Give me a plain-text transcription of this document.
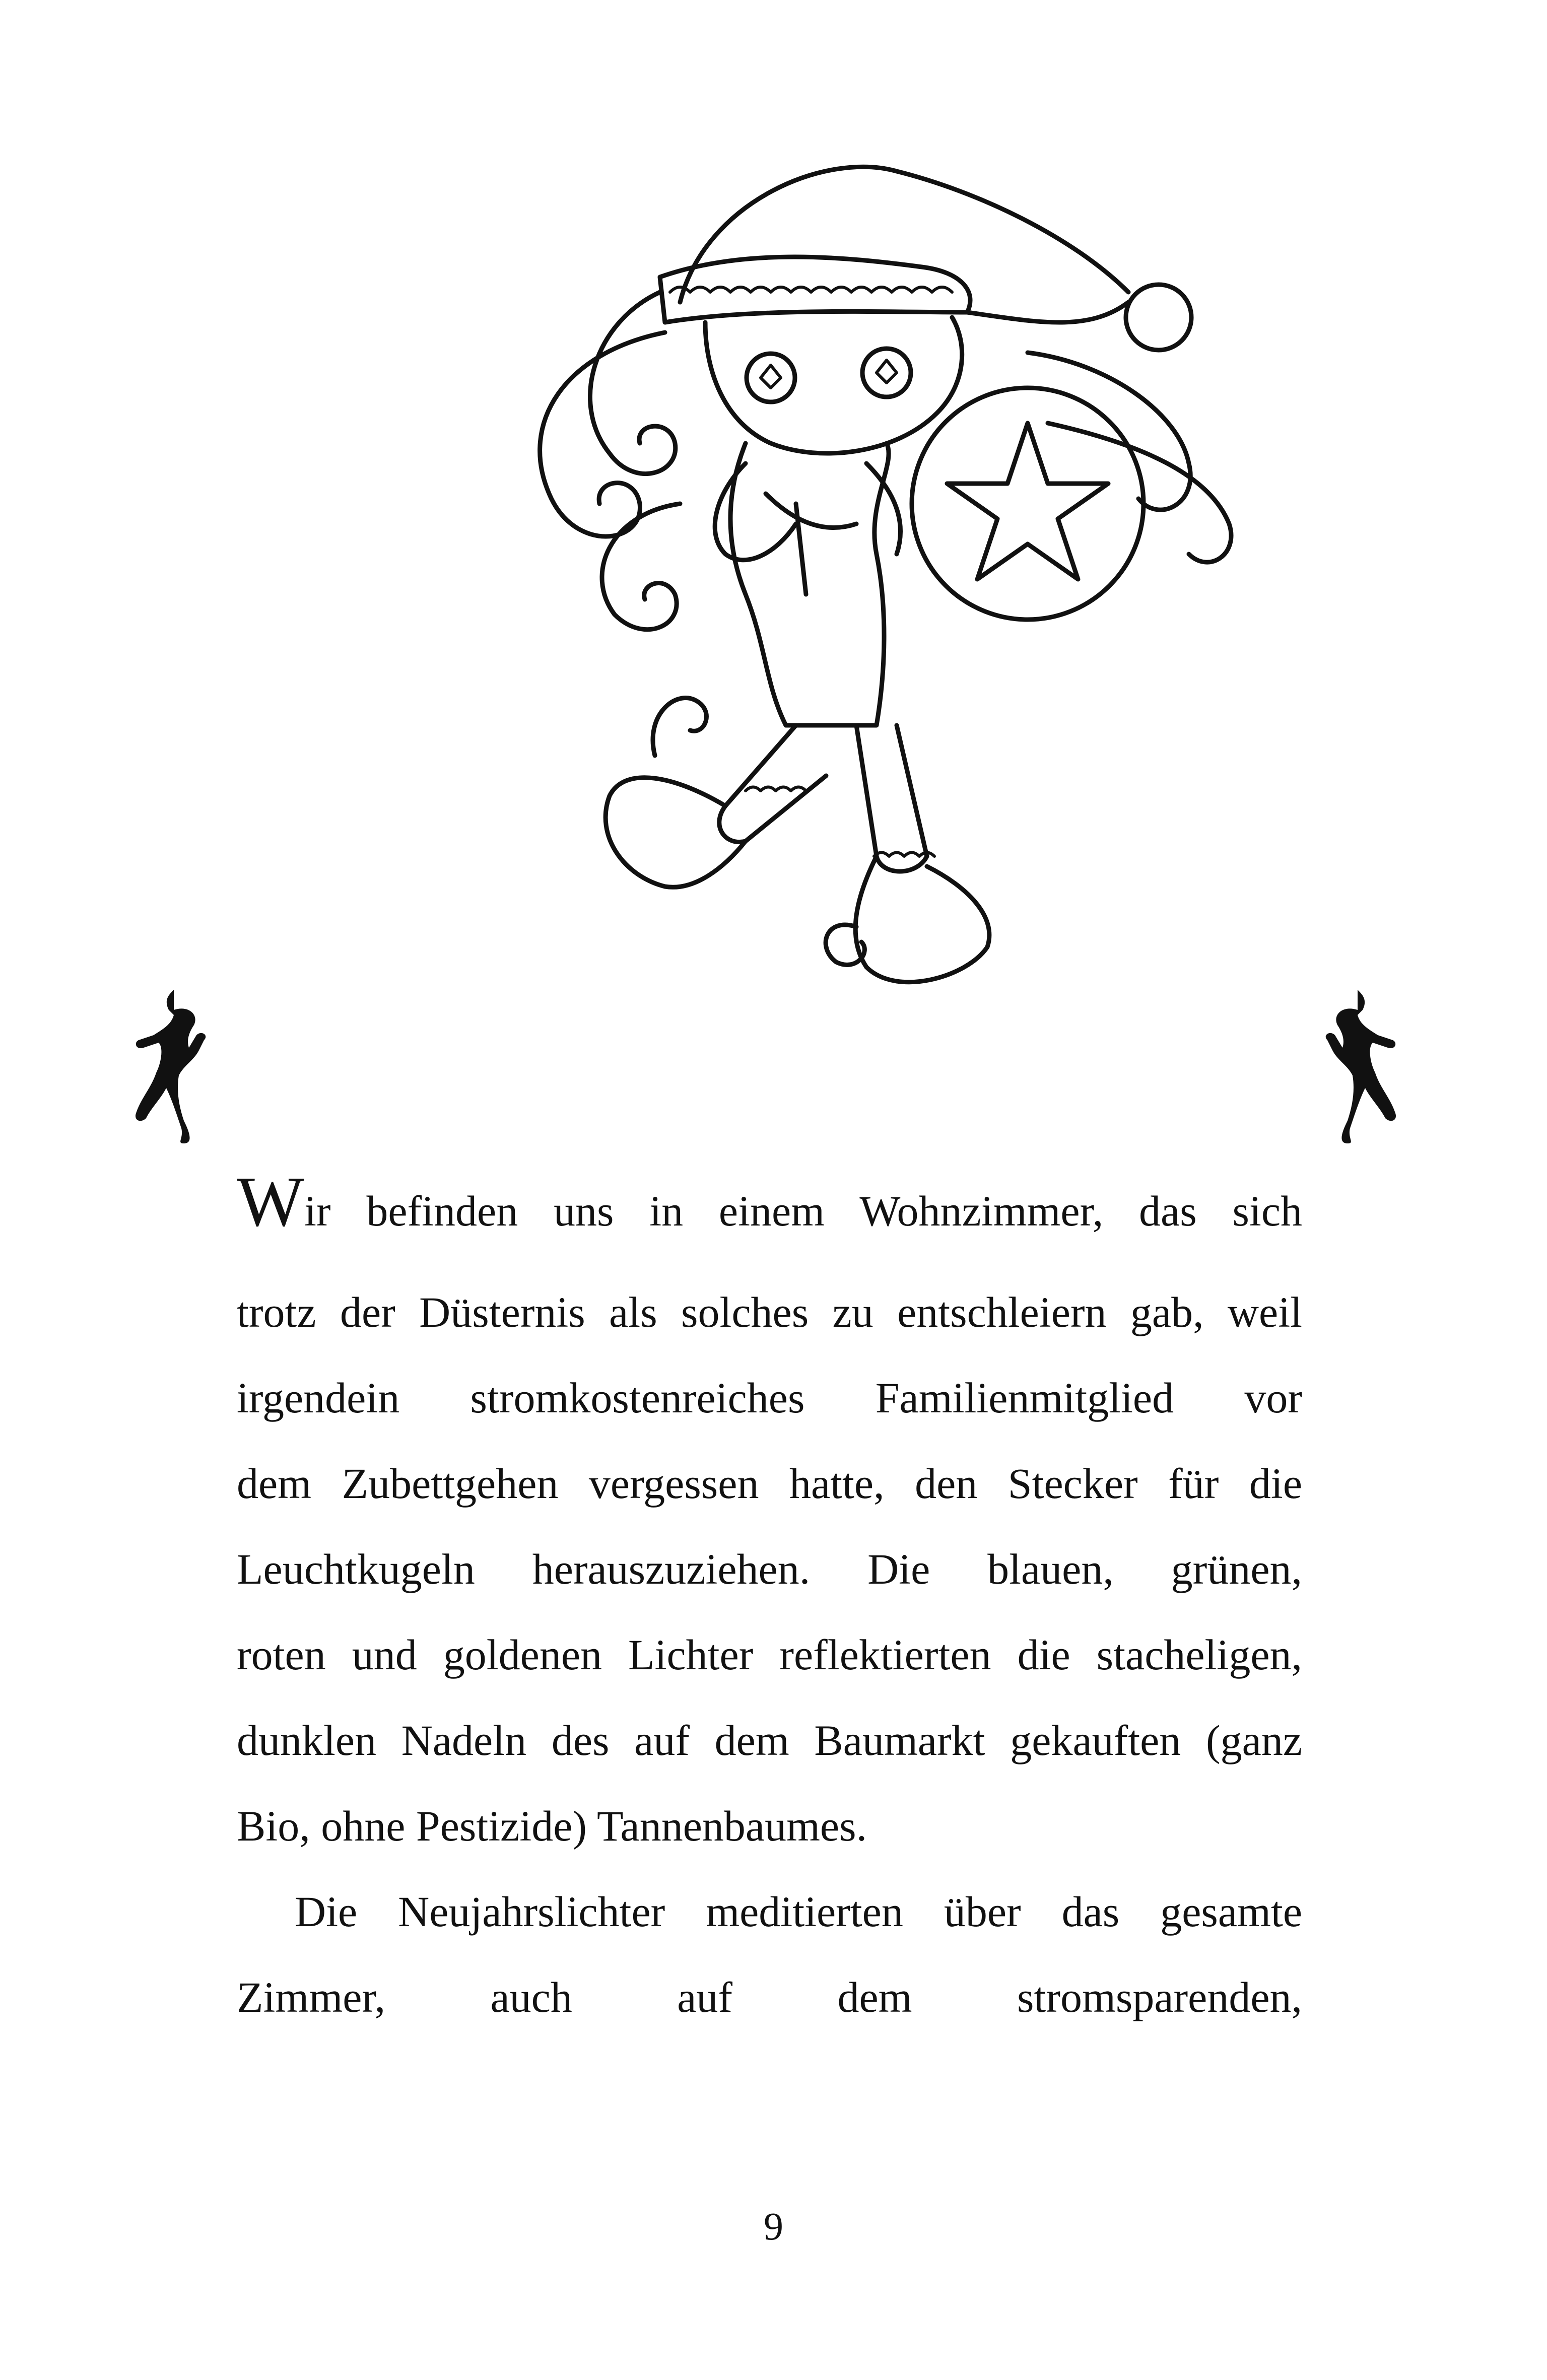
Wir befinden uns in einem Wohnzimmer, das sich
trotz der Düsternis als solches zu entschleiern gab, weil
irgendein stromkostenreiches Familienmitglied vor
dem Zubettgehen vergessen hatte, den Stecker für die
Leuchtkugeln herauszuziehen. Die blauen, grünen,
roten und goldenen Lichter reflektierten die stacheligen,
dunklen Nadeln des auf dem Baumarkt gekauften (ganz
Bio, ohne Pestizide) Tannenbaumes.
Die Neujahrslichter meditierten über das gesamte
Zimmer, auch auf dem stromsparenden,
9
